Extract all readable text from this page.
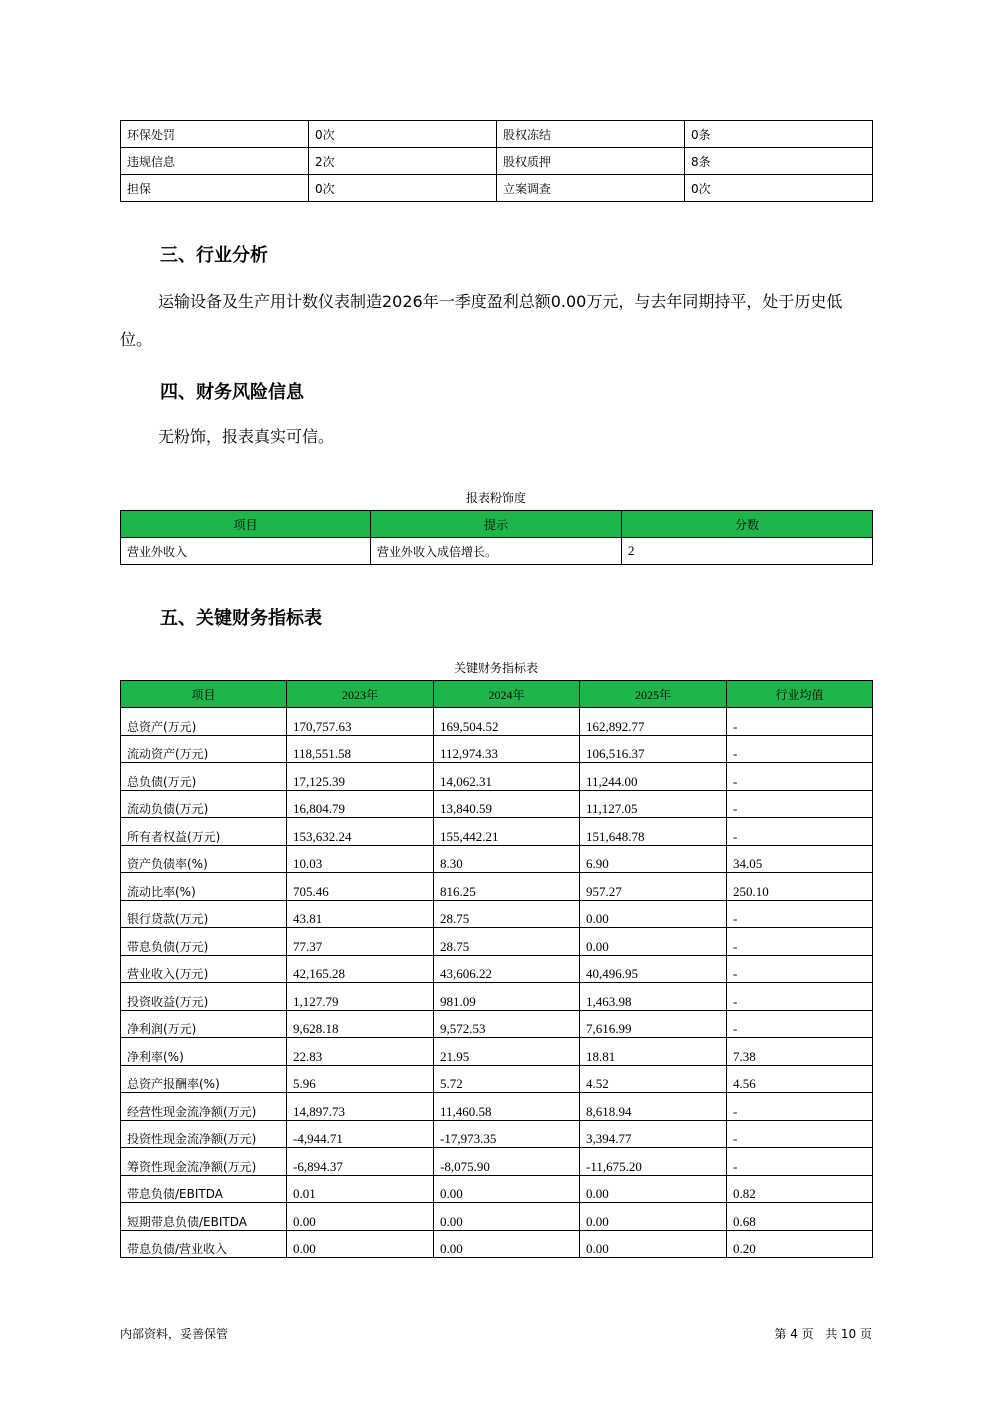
环保处罚	0次	股权冻结	0条
违规信息	2次	股权质押	8条
担保	0次	立案调查	0次
三、行业分析

运输设备及生产用计数仪表制造2026年一季度盈利总额0.00万元，与去年同期持平，处于历史低位。

四、财务风险信息

无粉饰，报表真实可信。

报表粉饰度

项目	提示	分数
营业外收入	营业外收入成倍增长。	2
五、关键财务指标表

关键财务指标表

项目	2023年	2024年	2025年	行业均值
总资产(万元)	170,757.63	169,504.52	162,892.77	-
流动资产(万元)	118,551.58	112,974.33	106,516.37	-
总负债(万元)	17,125.39	14,062.31	11,244.00	-
流动负债(万元)	16,804.79	13,840.59	11,127.05	-
所有者权益(万元)	153,632.24	155,442.21	151,648.78	-
资产负债率(%)	10.03	8.30	6.90	34.05
流动比率(%)	705.46	816.25	957.27	250.10
银行贷款(万元)	43.81	28.75	0.00	-
带息负债(万元)	77.37	28.75	0.00	-
营业收入(万元)	42,165.28	43,606.22	40,496.95	-
投资收益(万元)	1,127.79	981.09	1,463.98	-
净利润(万元)	9,628.18	9,572.53	7,616.99	-
净利率(%)	22.83	21.95	18.81	7.38
总资产报酬率(%)	5.96	5.72	4.52	4.56
经营性现金流净额(万元)	14,897.73	11,460.58	8,618.94	-
投资性现金流净额(万元)	-4,944.71	-17,973.35	3,394.77	-
筹资性现金流净额(万元)	-6,894.37	-8,075.90	-11,675.20	-
带息负债/EBITDA	0.01	0.00	0.00	0.82
短期带息负债/EBITDA	0.00	0.00	0.00	0.68
带息负债/营业收入	0.00	0.00	0.00	0.20

内部资料，妥善保管	第 4 页   共 10 页
